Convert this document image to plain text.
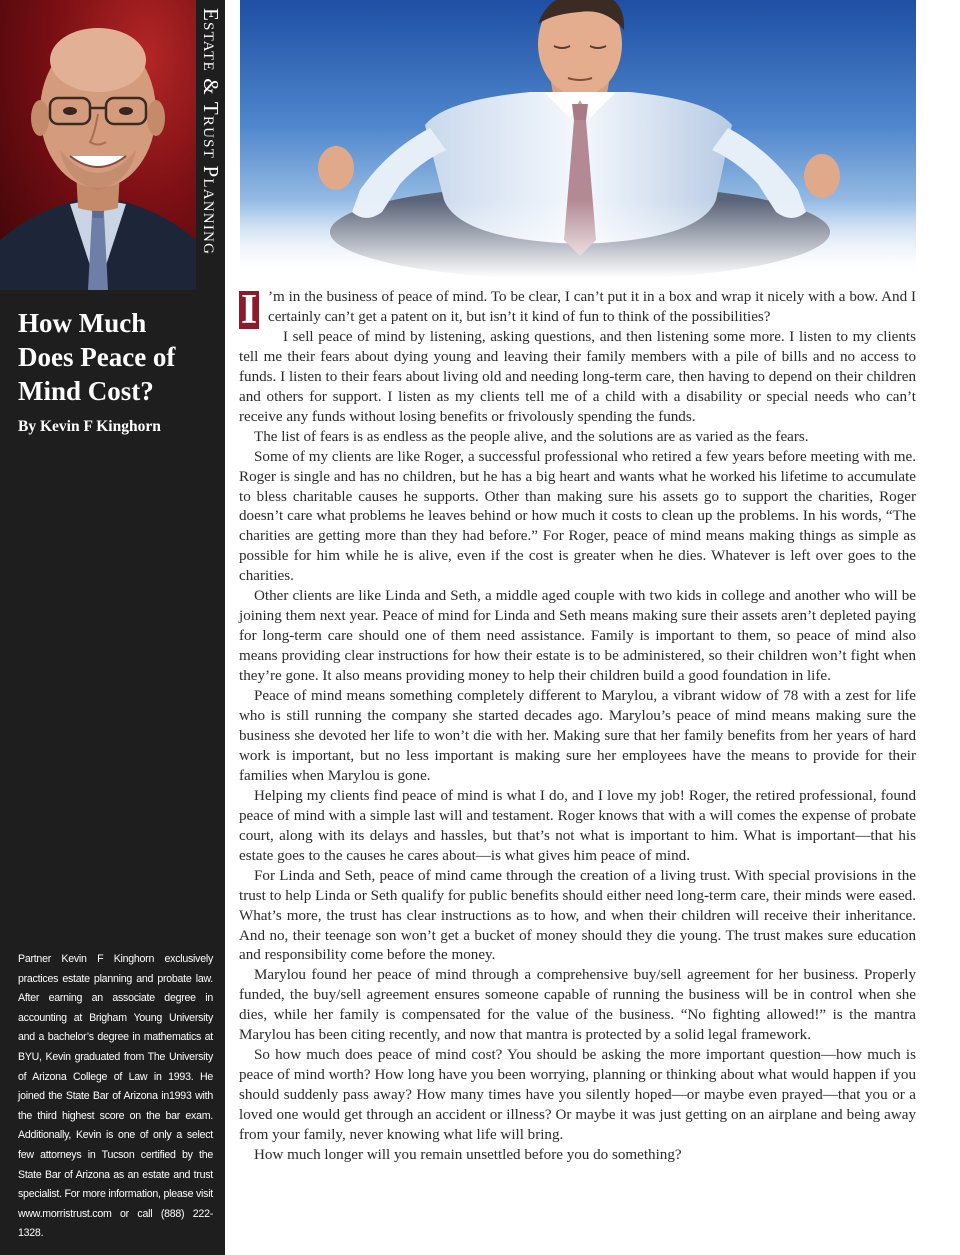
Estate & Trust Planning
How Much Does Peace of Mind Cost?
By Kevin F Kinghorn
Partner Kevin F Kinghorn exclusively practices estate planning and probate law. After earning an associate degree in accounting at Brigham Young University and a bachelor’s degree in mathematics at BYU, Kevin graduated from The University of Arizona College of Law in 1993. He joined the State Bar of Arizona in1993 with the third highest score on the bar exam. Additionally, Kevin is one of only a select few attorneys in Tucson certified by the State Bar of Arizona as an estate and trust specialist. For more information, please visit www.morristrust.com or call (888) 222-1328.
I ’m in the business of peace of mind. To be clear, I can’t put it in a box and wrap it nicely with a bow. And I certainly can’t get a patent on it, but isn’t it kind of fun to think of the possibilities?

I sell peace of mind by listening, asking questions, and then listening some more. I listen to my clients tell me their fears about dying young and leaving their family members with a pile of bills and no access to funds. I listen to their fears about living old and needing long-term care, then having to depend on their children and others for support. I listen as my clients tell me of a child with a disability or special needs who can’t receive any funds without losing benefits or frivolously spending the funds.

The list of fears is as endless as the people alive, and the solutions are as varied as the fears.

Some of my clients are like Roger, a successful professional who retired a few years before meeting with me. Roger is single and has no children, but he has a big heart and wants what he worked his lifetime to accumulate to bless charitable causes he supports. Other than making sure his assets go to support the charities, Roger doesn’t care what problems he leaves behind or how much it costs to clean up the problems. In his words, “The charities are getting more than they had before.” For Roger, peace of mind means making things as simple as possible for him while he is alive, even if the cost is greater when he dies. Whatever is left over goes to the charities.

Other clients are like Linda and Seth, a middle aged couple with two kids in college and another who will be joining them next year. Peace of mind for Linda and Seth means making sure their assets aren’t depleted paying for long-term care should one of them need assistance. Family is important to them, so peace of mind also means providing clear instructions for how their estate is to be administered, so their children won’t fight when they’re gone. It also means providing money to help their children build a good foundation in life.

Peace of mind means something completely different to Marylou, a vibrant widow of 78 with a zest for life who is still running the company she started decades ago. Marylou’s peace of mind means making sure the business she devoted her life to won’t die with her. Making sure that her family benefits from her years of hard work is important, but no less important is making sure her employees have the means to provide for their families when Marylou is gone.

Helping my clients find peace of mind is what I do, and I love my job! Roger, the retired professional, found peace of mind with a simple last will and testament. Roger knows that with a will comes the expense of probate court, along with its delays and hassles, but that’s not what is important to him. What is important—that his estate goes to the causes he cares about—is what gives him peace of mind.

For Linda and Seth, peace of mind came through the creation of a living trust. With special provisions in the trust to help Linda or Seth qualify for public benefits should either need long-term care, their minds were eased. What’s more, the trust has clear instructions as to how, and when their children will receive their inheritance. And no, their teenage son won’t get a bucket of money should they die young. The trust makes sure education and responsibility come before the money.

Marylou found her peace of mind through a comprehensive buy/sell agreement for her business. Properly funded, the buy/sell agreement ensures someone capable of running the business will be in control when she dies, while her family is compensated for the value of the business. “No fighting allowed!” is the mantra Marylou has been citing recently, and now that mantra is protected by a solid legal framework.

So how much does peace of mind cost? You should be asking the more important question—how much is peace of mind worth? How long have you been worrying, planning or thinking about what would happen if you should suddenly pass away? How many times have you silently hoped—or maybe even prayed—that you or a loved one would get through an accident or illness? Or maybe it was just getting on an airplane and being away from your family, never knowing what life will bring.

How much longer will you remain unsettled before you do something?
